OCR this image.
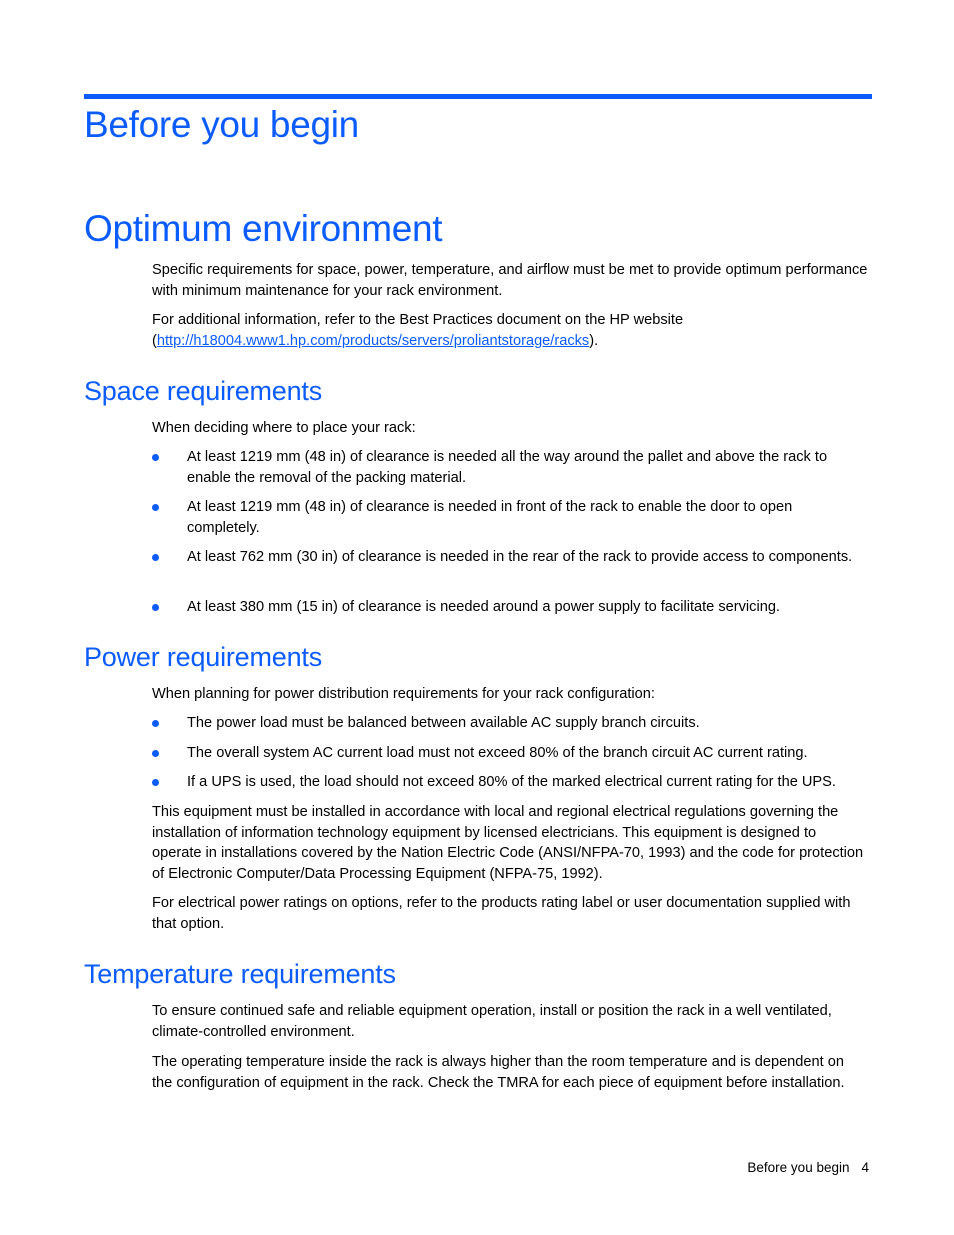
Before you begin
Optimum environment

Specific requirements for space, power, temperature, and airflow must be met to provide optimum performance with minimum maintenance for your rack environment.

For additional information, refer to the Best Practices document on the HP website
(http://h18004.www1.hp.com/products/servers/proliantstorage/racks).

Space requirements

When deciding where to place your rack:

At least 1219 mm (48 in) of clearance is needed all the way around the pallet and above the rack to enable the removal of the packing material.
At least 1219 mm (48 in) of clearance is needed in front of the rack to enable the door to open completely.
At least 762 mm (30 in) of clearance is needed in the rear of the rack to provide access to components.
At least 380 mm (15 in) of clearance is needed around a power supply to facilitate servicing.
Power requirements

When planning for power distribution requirements for your rack configuration:

The power load must be balanced between available AC supply branch circuits.
The overall system AC current load must not exceed 80% of the branch circuit AC current rating.
If a UPS is used, the load should not exceed 80% of the marked electrical current rating for the UPS.

This equipment must be installed in accordance with local and regional electrical regulations governing the installation of information technology equipment by licensed electricians. This equipment is designed to operate in installations covered by the Nation Electric Code (ANSI/NFPA-70, 1993) and the code for protection of Electronic Computer/Data Processing Equipment (NFPA-75, 1992).

For electrical power ratings on options, refer to the products rating label or user documentation supplied with that option.

Temperature requirements

To ensure continued safe and reliable equipment operation, install or position the rack in a well ventilated, climate-controlled environment.

The operating temperature inside the rack is always higher than the room temperature and is dependent on the configuration of equipment in the rack. Check the TMRA for each piece of equipment before installation.

Before you begin 4
